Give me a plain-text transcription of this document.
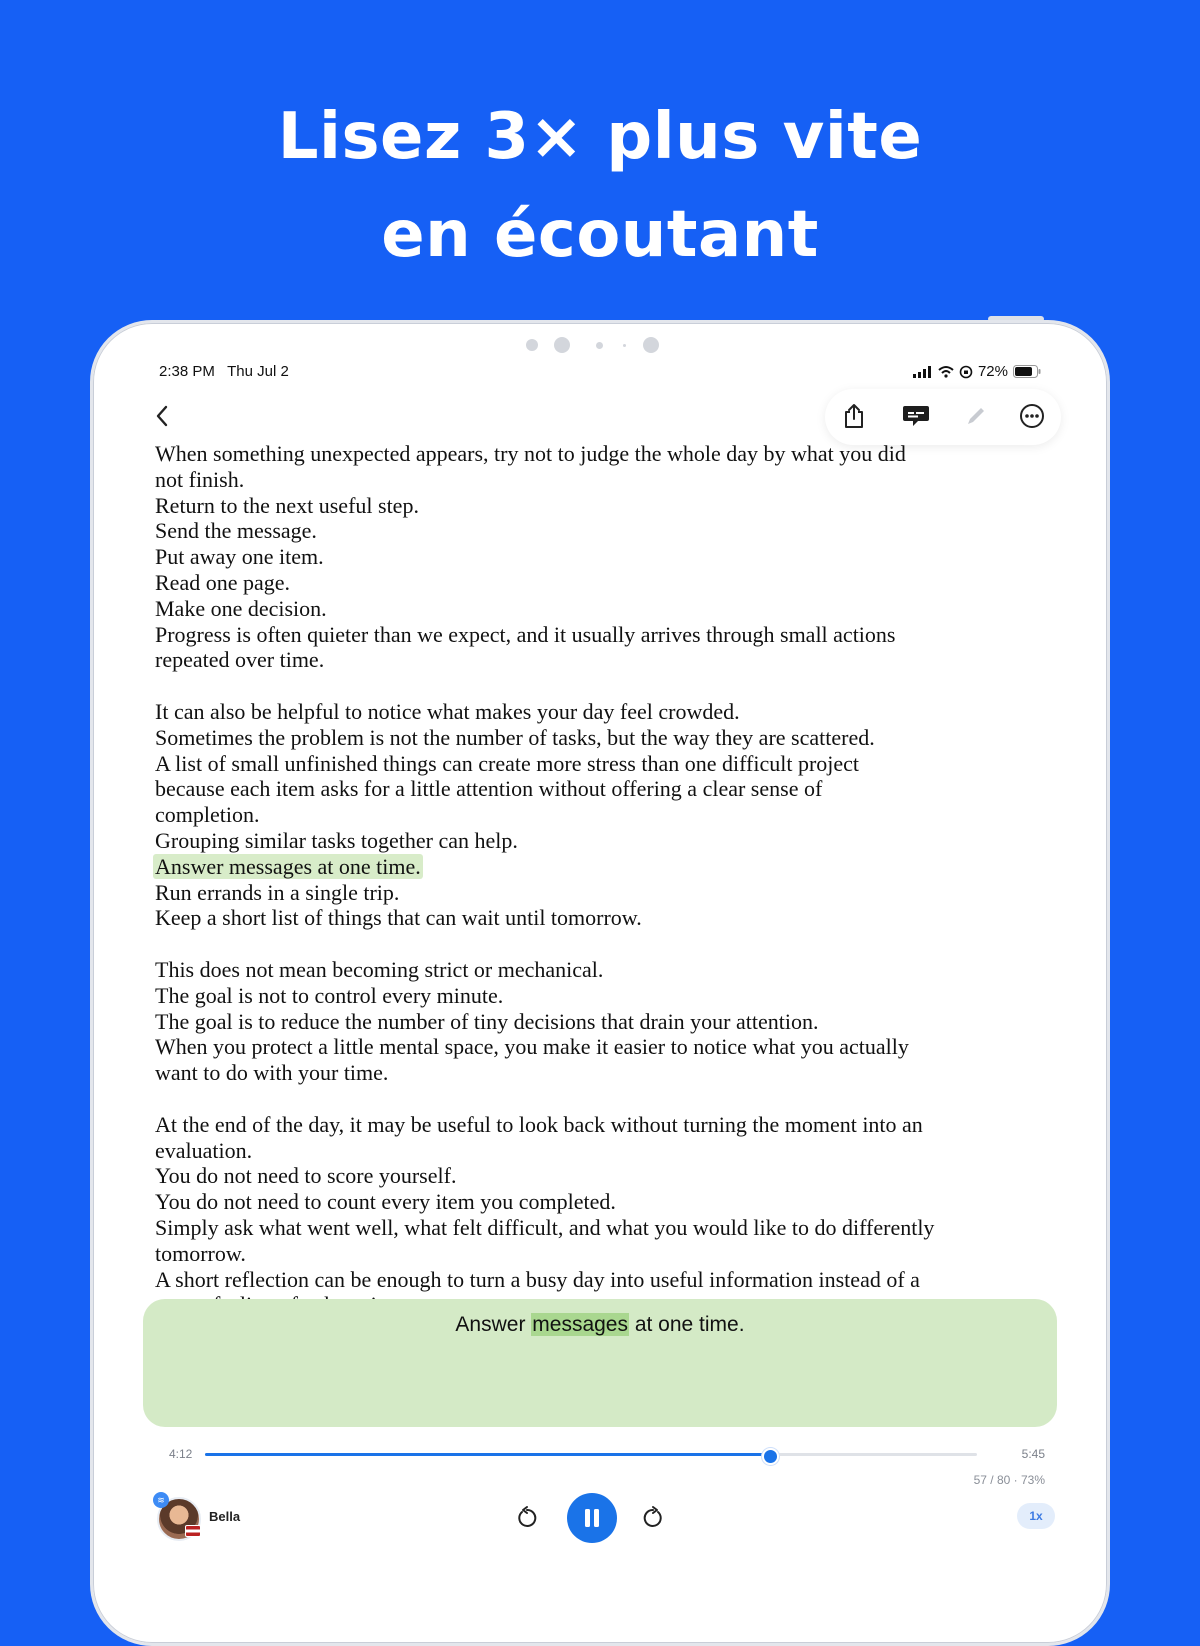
Lisez 3× plus vite
en écoutant
2:38 PM Thu Jul 2	72%
When something unexpected appears, try not to judge the whole day by what you did
not finish.
Return to the next useful step.
Send the message.
Put away one item.
Read one page.
Make one decision.
Progress is often quieter than we expect, and it usually arrives through small actions
repeated over time.
It can also be helpful to notice what makes your day feel crowded.
Sometimes the problem is not the number of tasks, but the way they are scattered.
A list of small unfinished things can create more stress than one difficult project
because each item asks for a little attention without offering a clear sense of
completion.
Grouping similar tasks together can help.
Answer messages at one time.
Run errands in a single trip.
Keep a short list of things that can wait until tomorrow.
This does not mean becoming strict or mechanical.
The goal is not to control every minute.
The goal is to reduce the number of tiny decisions that drain your attention.
When you protect a little mental space, you make it easier to notice what you actually
want to do with your time.
At the end of the day, it may be useful to look back without turning the moment into an
evaluation.
You do not need to score yourself.
You do not need to count every item you completed.
Simply ask what went well, what felt difficult, and what you would like to do differently
tomorrow.
A short reflection can be enough to turn a busy day into useful information instead of a
Answer messages at one time.
4:12	5:45
57 / 80 · 73%
≋
Bella	1x
